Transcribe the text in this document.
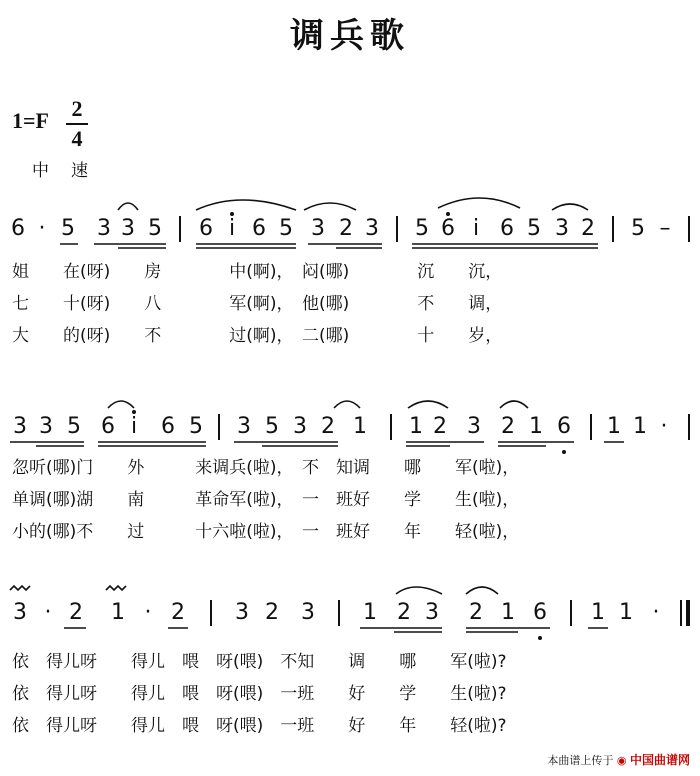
调兵歌
1=F	2
4
中速
6 · 5 3 3 5 6 i 6 5 3 2 3 5 6 i 6 5 3 2 5 –
姐　　在(呀)　　房　　　　中(啊)，　闷(哪)　　　　沉　　沉，
七　　十(呀)　　八　　　　军(啊)，　他(哪)　　　　不　　调，
大　　的(呀)　　不　　　　过(啊)，　二(哪)　　　　十　　岁，
3 3 5 6 i	6 5 3 5 3 2 1 1 2 3 2 1 6 1 1 ·
忽听(哪)门　　外　　　来调兵(啦)，　不　知调　　哪　　军(啦)，
单调(哪)湖　　南　　　革命军(啦)，　一　班好　　学　　生(啦)，
小的(哪)不　　过　　　十六啦(啦)，　一　班好　　年　　轻(啦)，
3 · 2 1 · 2 3 2 3 1 2 3 2 1 6 1 1 ·
依　得儿呀　　得儿　喂　呀(喂)　不知　　调　　哪　　军(啦)?
依　得儿呀　　得儿　喂　呀(喂)　一班　　好　　学　　生(啦)?
依　得儿呀　　得儿　喂　呀(喂)　一班　　好　　年　　轻(啦)?
本曲谱上传于 ◉ 中国曲谱网
